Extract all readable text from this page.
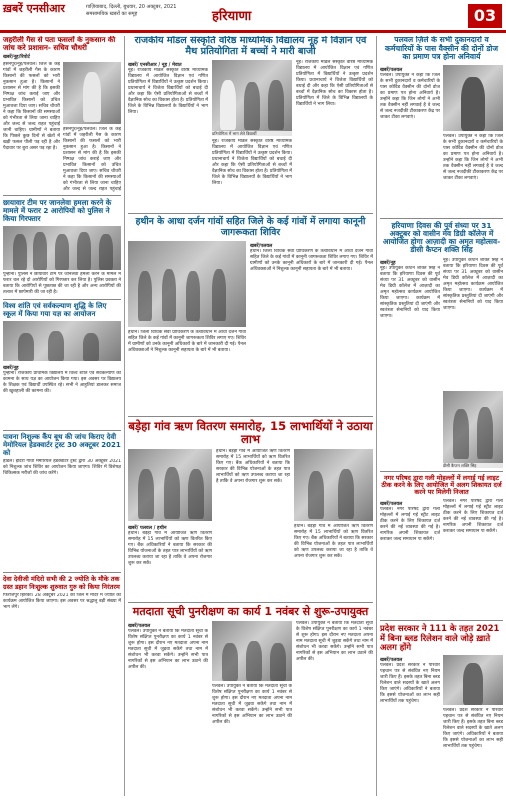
ख़बरें एनसीआर	ग़ाज़ियाबाद, दिल्ली, बुधवार, 20 अक्टूबर, 2021
समसामयिक खबरों का समूह	हरियाणा	03

जहरीली गैस से पता फसलों के नुकसान की जांच करे प्रशासन- सचिव चौधरी

खबरें/नूह/रिपोर्ट
हसनपुर/नूह/पलवल। जिले के कई गांवों में जहरीली गैस के कारण किसानों की फसलों को भारी नुकसान हुआ है। किसानों ने प्रशासन से मांग की है कि इसकी निष्पक्ष जांच कराई जाए और प्रभावित किसानों को उचित मुआवजा दिया जाए। सचिव चौधरी ने कहा कि किसानों की समस्याओं को गंभीरता से लिया जाना चाहिए और जल्द से जल्द राहत पहुंचाई जानी चाहिए। ग्रामीणों ने बताया कि पिछले कुछ दिनों से खेतों में खड़ी फसल पीली पड़ रही है और पैदावार पर बुरा असर पड़ रहा है।
हसनपुर/नूह/पलवल। जिले के कई गांवों में जहरीली गैस के कारण किसानों की फसलों को भारी नुकसान हुआ है। किसानों ने प्रशासन से मांग की है कि इसकी निष्पक्ष जांच कराई जाए और प्रभावित किसानों को उचित मुआवजा दिया जाए। सचिव चौधरी ने कहा कि किसानों की समस्याओं को गंभीरता से लिया जाना चाहिए और जल्द से जल्द राहत पहुंचाई

छायावार टीम पर जानलेवा हमला करने के मामले में फरार 2 आरोपियों को पुलिस ने किया गिरफ्तार

पुन्हाना। पुलिस ने छायावार टीम पर जानलेवा हमला करने के मामले में फरार चल रहे दो आरोपियों को गिरफ्तार कर लिया है। पुलिस प्रवक्ता ने बताया कि आरोपियों से पूछताछ की जा रही है और अन्य आरोपियों की तलाश में छापेमारी की जा रही है।

विश्व शांति एवं सर्वकल्याण शुद्धि के लिए स्कूल में किया गया यज्ञ का आयोजन

खबरें/नूह
पुन्हाना। राजकीय प्राथमिक विद्यालय में विश्व शांति एवं सर्वकल्याण की कामना के साथ यज्ञ का आयोजन किया गया। इस अवसर पर विद्यालय के शिक्षक एवं विद्यार्थी उपस्थित रहे। सभी ने आहुतियां डालकर समाज की खुशहाली की कामना की।

पावना निशुल्क कैंप बूथ की जांच किराए देवी मेमोरियल हेडक्वार्टर ट्रस्ट 30 अक्टूबर 2021 को

होडल। इंदिरा गांधी मेमोरियल हेडक्वार्टर ट्रस्ट द्वारा 30 अक्टूबर 2021 को निशुल्क जांच शिविर का आयोजन किया जाएगा। शिविर में विशेषज्ञ चिकित्सक मरीजों की जांच करेंगे।

देवा देवीजी मंदिरो सभी की 2 ज्योति के मौके तक ग्रस्त डहान निःशुल्क शुरुवात गुरु को किया निरंतरम

फिरोजपुर झिरका। 28 अक्टूबर 2021 को जिले में मंदिर में ज्योति का कार्यक्रम आयोजित किया जाएगा। इस अवसर पर श्रद्धालु बड़ी संख्या में भाग लेंगे।

राजकीय मॉडल संस्कृति वरिष्ठ माध्यमिक विद्यालय नूह में विज्ञान एवं मैथ प्रतियोगिता में बच्चों ने मारी बाजी

खबरें/ एनसीआर / नूह / मेवात
नूह। राजकीय मॉडल संस्कृति वरिष्ठ माध्यमिक विद्यालय में आयोजित विज्ञान एवं गणित प्रतियोगिता में विद्यार्थियों ने उत्कृष्ट प्रदर्शन किया। प्रधानाचार्य ने विजेता विद्यार्थियों को बधाई दी और कहा कि ऐसी प्रतियोगिताओं से बच्चों में वैज्ञानिक सोच का विकास होता है। प्रतियोगिता में जिले के विभिन्न विद्यालयों के विद्यार्थियों ने भाग लिया।
प्रतियोगिता में भाग लेते विद्यार्थी
नूह। राजकीय मॉडल संस्कृति वरिष्ठ माध्यमिक विद्यालय में आयोजित विज्ञान एवं गणित प्रतियोगिता में विद्यार्थियों ने उत्कृष्ट प्रदर्शन किया। प्रधानाचार्य ने विजेता विद्यार्थियों को बधाई दी और कहा कि ऐसी प्रतियोगिताओं से बच्चों में वैज्ञानिक सोच का विकास होता है। प्रतियोगिता में जिले के विभिन्न विद्यालयों के विद्यार्थियों ने भाग लिया।
नूह। राजकीय मॉडल संस्कृति वरिष्ठ माध्यमिक विद्यालय में आयोजित विज्ञान एवं गणित प्रतियोगिता में विद्यार्थियों ने उत्कृष्ट प्रदर्शन किया। प्रधानाचार्य ने विजेता विद्यार्थियों को बधाई दी और कहा कि ऐसी प्रतियोगिताओं से बच्चों में वैज्ञानिक सोच का विकास होता है। प्रतियोगिता में जिले के विभिन्न विद्यालयों के विद्यार्थियों ने भाग लिया।

हथीन के आधा दर्जन गांवों सहित जिले के कई गांवों में लगाया कानूनी जागरूकता शिविर

खबरें/पलवल
हथीन। जिला विधिक सेवा प्राधिकरण के तत्वावधान में आधा दर्जन गांवों सहित जिले के कई गांवों में कानूनी जागरूकता शिविर लगाए गए। शिविर में ग्रामीणों को उनके कानूनी अधिकारों के बारे में जानकारी दी गई। पैनल अधिवक्ताओं ने निशुल्क कानूनी सहायता के बारे में भी बताया।
हथीन। जिला विधिक सेवा प्राधिकरण के तत्वावधान में आधा दर्जन गांवों सहित जिले के कई गांवों में कानूनी जागरूकता शिविर लगाए गए। शिविर में ग्रामीणों को उनके कानूनी अधिकारों के बारे में जानकारी दी गई। पैनल अधिवक्ताओं ने निशुल्क कानूनी सहायता के बारे में भी बताया।

बड़ेहा गांव ऋण वितरण समारोह, 15 लाभार्थियों ने उठाया लाभ

खबरें/ पलवल / हथीन
हथीन। बड़ेहा गांव में आयोजित ऋण वितरण समारोह में 15 लाभार्थियों को ऋण वितरित किए गए। बैंक अधिकारियों ने बताया कि सरकार की विभिन्न योजनाओं के तहत पात्र लाभार्थियों को ऋण उपलब्ध कराया जा रहा है ताकि वे अपना रोजगार शुरू कर सकें।
हथीन। बड़ेहा गांव में आयोजित ऋण वितरण समारोह में 15 लाभार्थियों को ऋण वितरित किए गए। बैंक अधिकारियों ने बताया कि सरकार की विभिन्न योजनाओं के तहत पात्र लाभार्थियों को ऋण उपलब्ध कराया जा रहा है ताकि वे अपना रोजगार शुरू कर सकें।
हथीन। बड़ेहा गांव में आयोजित ऋण वितरण समारोह में 15 लाभार्थियों को ऋण वितरित किए गए। बैंक अधिकारियों ने बताया कि सरकार की विभिन्न योजनाओं के तहत पात्र लाभार्थियों को ऋण उपलब्ध कराया जा रहा है ताकि वे अपना रोजगार शुरू कर सकें।

मतदाता सूची पुनरीक्षण का कार्य 1 नवंबर से शुरू-उपायुक्त

खबरें/पलवल
पलवल। उपायुक्त ने बताया कि मतदाता सूची के विशेष संक्षिप्त पुनरीक्षण का कार्य 1 नवंबर से शुरू होगा। इस दौरान नए मतदाता अपना नाम मतदाता सूची में जुड़वा सकेंगे तथा नाम में संशोधन भी करवा सकेंगे। उन्होंने सभी पात्र नागरिकों से इस अभियान का लाभ उठाने की अपील की।
पलवल। उपायुक्त ने बताया कि मतदाता सूची के विशेष संक्षिप्त पुनरीक्षण का कार्य 1 नवंबर से शुरू होगा। इस दौरान नए मतदाता अपना नाम मतदाता सूची में जुड़वा सकेंगे तथा नाम में संशोधन भी करवा सकेंगे। उन्होंने सभी पात्र नागरिकों से इस अभियान का लाभ उठाने की अपील की।
पलवल। उपायुक्त ने बताया कि मतदाता सूची के विशेष संक्षिप्त पुनरीक्षण का कार्य 1 नवंबर से शुरू होगा। इस दौरान नए मतदाता अपना नाम मतदाता सूची में जुड़वा सकेंगे तथा नाम में संशोधन भी करवा सकेंगे। उन्होंने सभी पात्र नागरिकों से इस अभियान का लाभ उठाने की अपील की।

पलवल ज़िले के सभी दुकानदारों व कर्मचारियों के पास वैक्सीन की दोनों डोज का प्रमाण पत्र होना अनिवार्य

खबरें/पलवल
पलवल। उपायुक्त ने कहा कि जिले के सभी दुकानदारों व कर्मचारियों के पास कोविड वैक्सीन की दोनों डोज का प्रमाण पत्र होना अनिवार्य है। उन्होंने कहा कि जिन लोगों ने अभी तक वैक्सीन नहीं लगवाई है वे जल्द से जल्द नजदीकी टीकाकरण केंद्र पर जाकर टीका लगवाएं।
पलवल। उपायुक्त ने कहा कि जिले के सभी दुकानदारों व कर्मचारियों के पास कोविड वैक्सीन की दोनों डोज का प्रमाण पत्र होना अनिवार्य है। उन्होंने कहा कि जिन लोगों ने अभी तक वैक्सीन नहीं लगवाई है वे जल्द से जल्द नजदीकी टीकाकरण केंद्र पर जाकर टीका लगवाएं।

हरियाणा दिवस की पूर्व संध्या पर 31 अक्टूबर को वासीन मेव डिग्री कॉलेज में आयोजित होगा आज़ादी का अमृत महोत्सव-डीसी कैप्टन शक्ति सिंह

खबरें/नूह
नूह। उपायुक्त कैप्टन शक्ति सिंह ने बताया कि हरियाणा दिवस की पूर्व संध्या पर 31 अक्टूबर को वासीन मेव डिग्री कॉलेज में आज़ादी का अमृत महोत्सव कार्यक्रम आयोजित किया जाएगा। कार्यक्रम में सांस्कृतिक प्रस्तुतियां दी जाएंगी और स्वतंत्रता सेनानियों को याद किया जाएगा।
नूह। उपायुक्त कैप्टन शक्ति सिंह ने बताया कि हरियाणा दिवस की पूर्व संध्या पर 31 अक्टूबर को वासीन मेव डिग्री कॉलेज में आज़ादी का अमृत महोत्सव कार्यक्रम आयोजित किया जाएगा। कार्यक्रम में सांस्कृतिक प्रस्तुतियां दी जाएंगी और स्वतंत्रता सेनानियों को याद किया जाएगा।
डीसी कैप्टन शक्ति सिंह

नगर परिषद द्वारा गली मोहल्लों में लगाई गई लाइट ठीक करने के लिए आयोजित में अलग शिकायत दर्ज करने पर मिलेगी निजात

खबरें/पलवल
पलवल। नगर परिषद द्वारा गली मोहल्लों में लगाई गई स्ट्रीट लाइट ठीक करने के लिए शिकायत दर्ज करने की नई व्यवस्था की गई है। नागरिक अपनी शिकायत दर्ज कराकर जल्द समाधान पा सकेंगे।
पलवल। नगर परिषद द्वारा गली मोहल्लों में लगाई गई स्ट्रीट लाइट ठीक करने के लिए शिकायत दर्ज करने की नई व्यवस्था की गई है। नागरिक अपनी शिकायत दर्ज कराकर जल्द समाधान पा सकेंगे।

प्रदेश सरकार ने 111 के तहत 2021 में बिना ब्लड रिलेशन वाले जोड़े ख़ाते अलग होंगे

खबरें/पलवल
पलवल। प्रदेश सरकार ने परिवार पहचान पत्र से संबंधित नए नियम जारी किए हैं। इसके तहत बिना ब्लड रिलेशन वाले सदस्यों के खाते अलग किए जाएंगे। अधिकारियों ने बताया कि इससे योजनाओं का लाभ सही लाभार्थियों तक पहुंचेगा।
पलवल। प्रदेश सरकार ने परिवार पहचान पत्र से संबंधित नए नियम जारी किए हैं। इसके तहत बिना ब्लड रिलेशन वाले सदस्यों के खाते अलग किए जाएंगे। अधिकारियों ने बताया कि इससे योजनाओं का लाभ सही लाभार्थियों तक पहुंचेगा।
